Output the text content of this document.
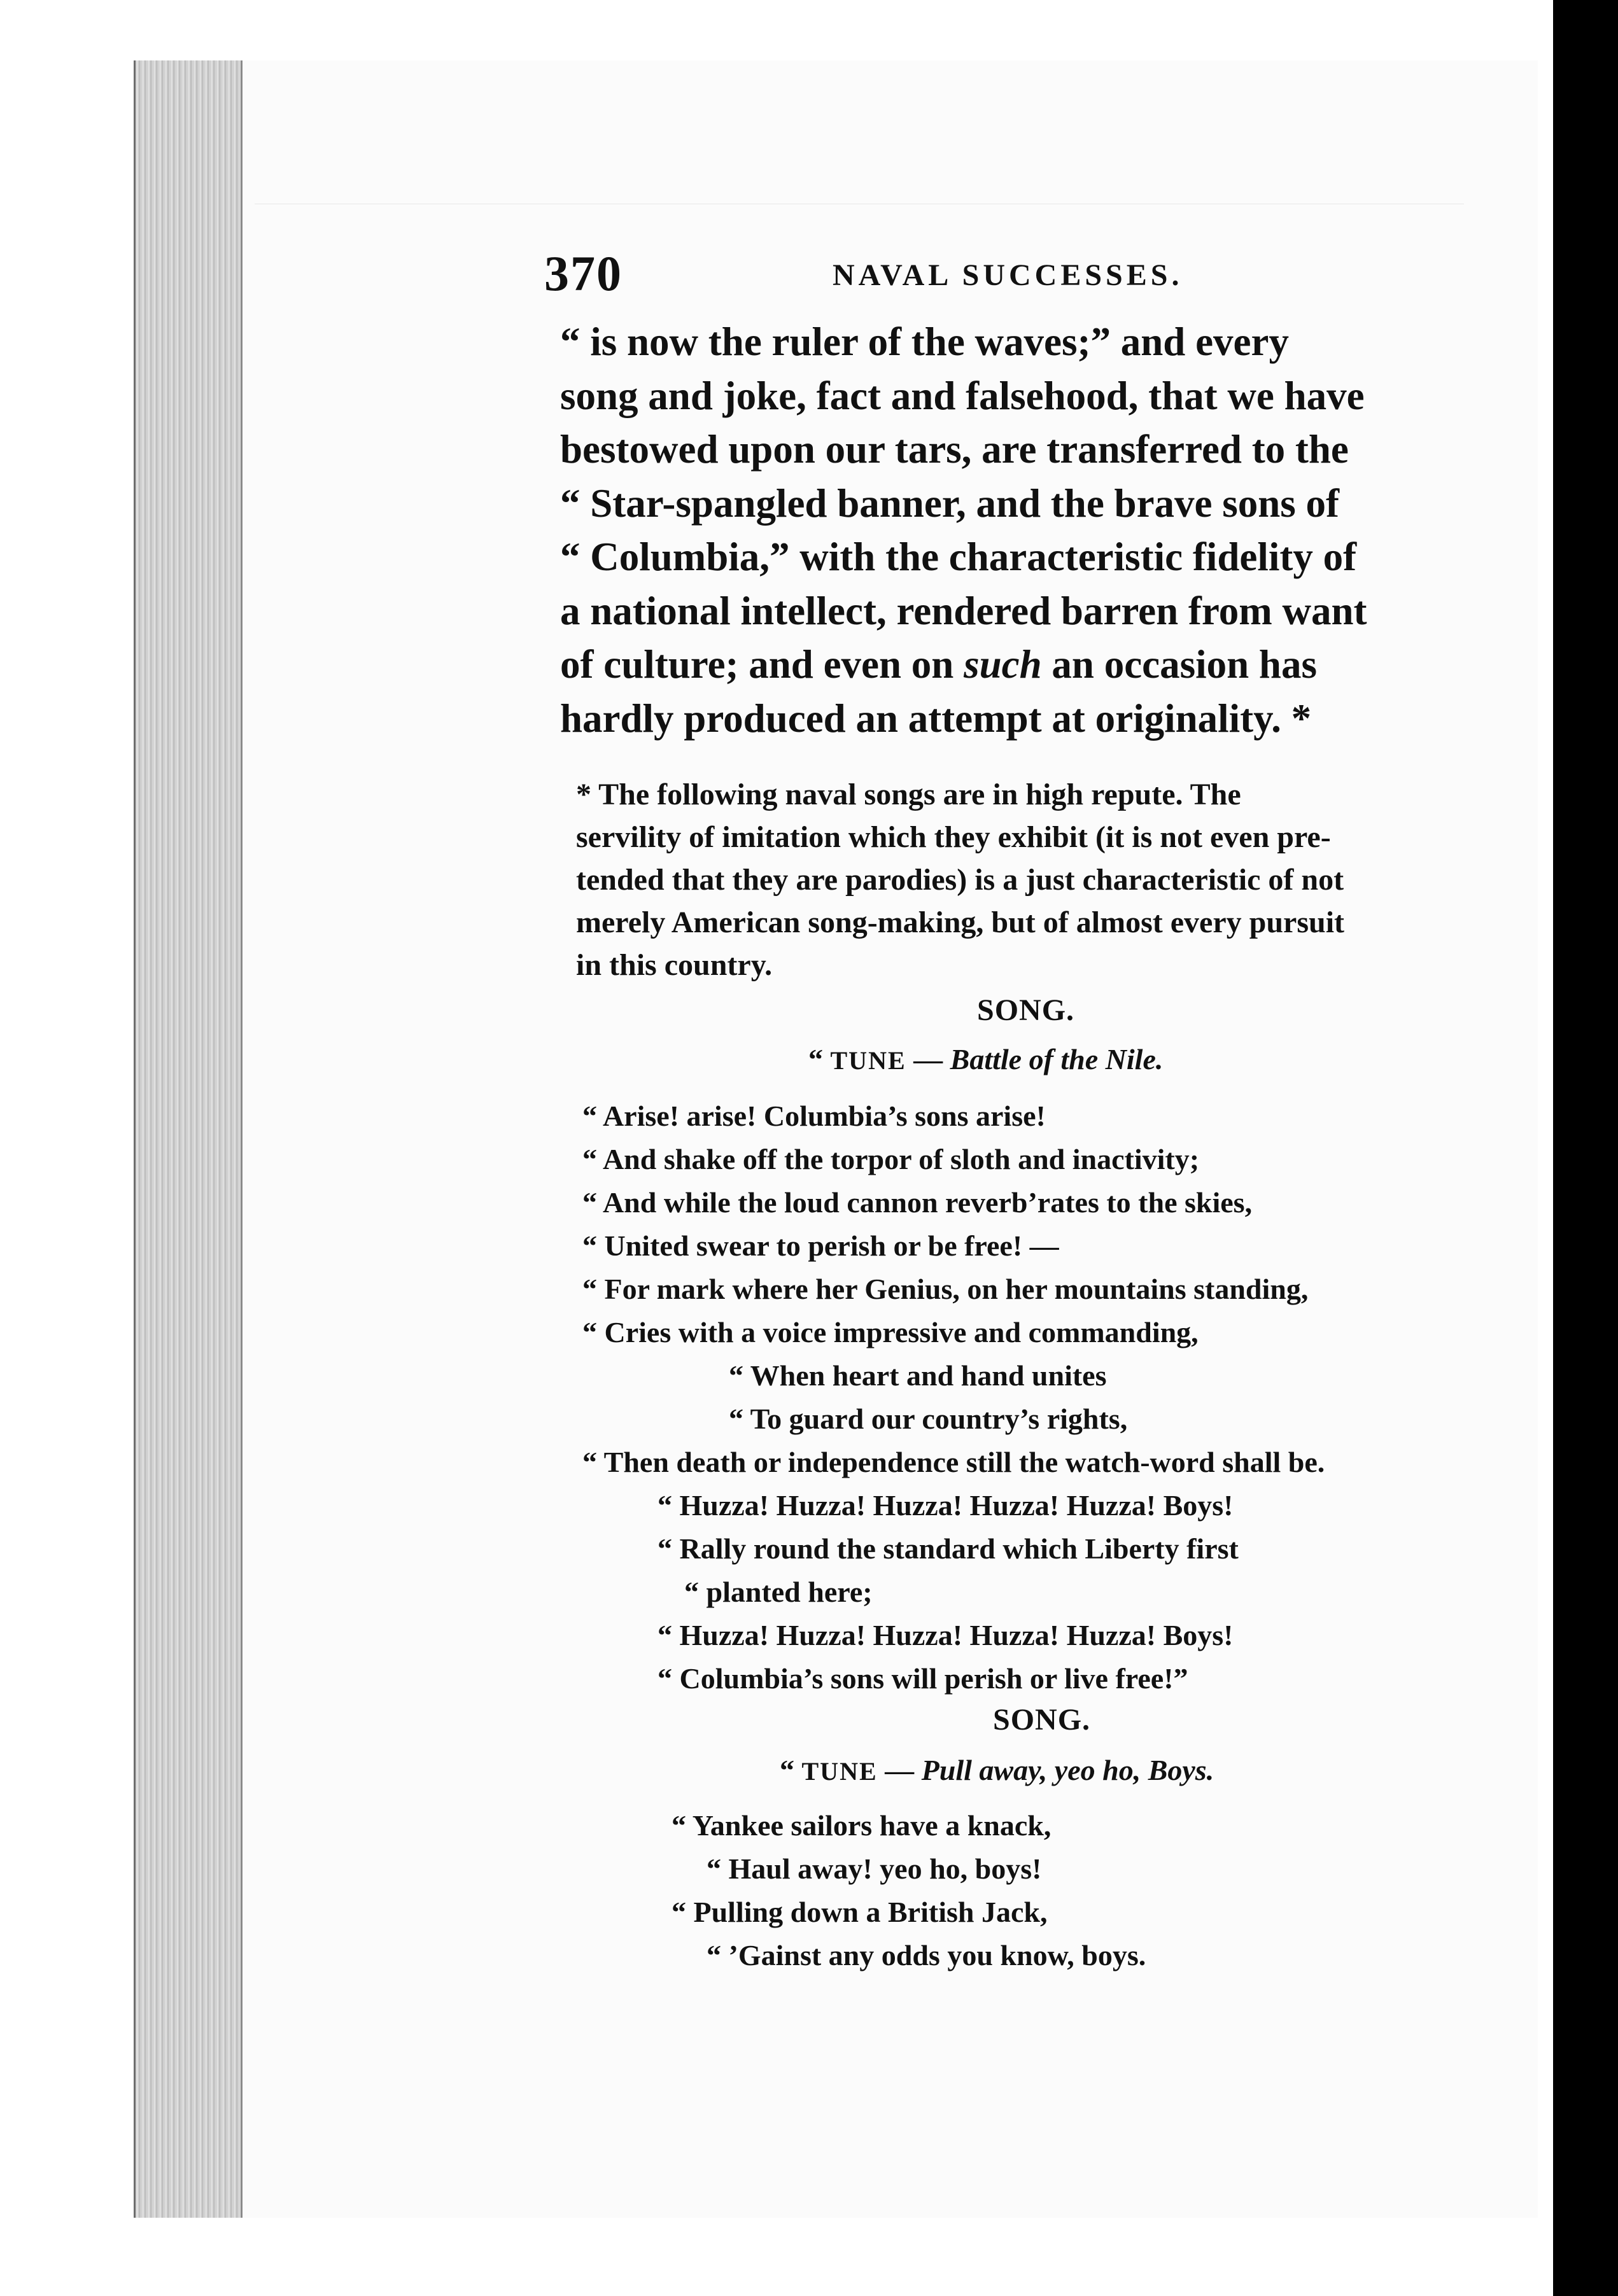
370	NAVAL SUCCESSES.
“ is now the ruler of the waves;” and every
song and joke, fact and falsehood, that we have
bestowed upon our tars, are transferred to the
“ Star-spangled banner, and the brave sons of
“ Columbia,” with the characteristic fidelity of
a national intellect, rendered barren from want
of culture; and even on such an occasion has
hardly produced an attempt at originality. *
* The following naval songs are in high repute. The
servility of imitation which they exhibit (it is not even pre-
tended that they are parodies) is a just characteristic of not
merely American song-making, but of almost every pursuit
in this country.
SONG.
“ TUNE — Battle of the Nile.
“ Arise! arise! Columbia’s sons arise!
“ And shake off the torpor of sloth and inactivity;
“ And while the loud cannon reverb’rates to the skies,
“ United swear to perish or be free! —
“ For mark where her Genius, on her mountains standing,
“ Cries with a voice impressive and commanding,
“ When heart and hand unites
“ To guard our country’s rights,
“ Then death or independence still the watch-word shall be.
“ Huzza! Huzza! Huzza! Huzza! Huzza! Boys!
“ Rally round the standard which Liberty first
“ planted here;
“ Huzza! Huzza! Huzza! Huzza! Huzza! Boys!
“ Columbia’s sons will perish or live free!”
SONG.
“ TUNE — Pull away, yeo ho, Boys.
“ Yankee sailors have a knack,
“ Haul away! yeo ho, boys!
“ Pulling down a British Jack,
“ ’Gainst any odds you know, boys.
